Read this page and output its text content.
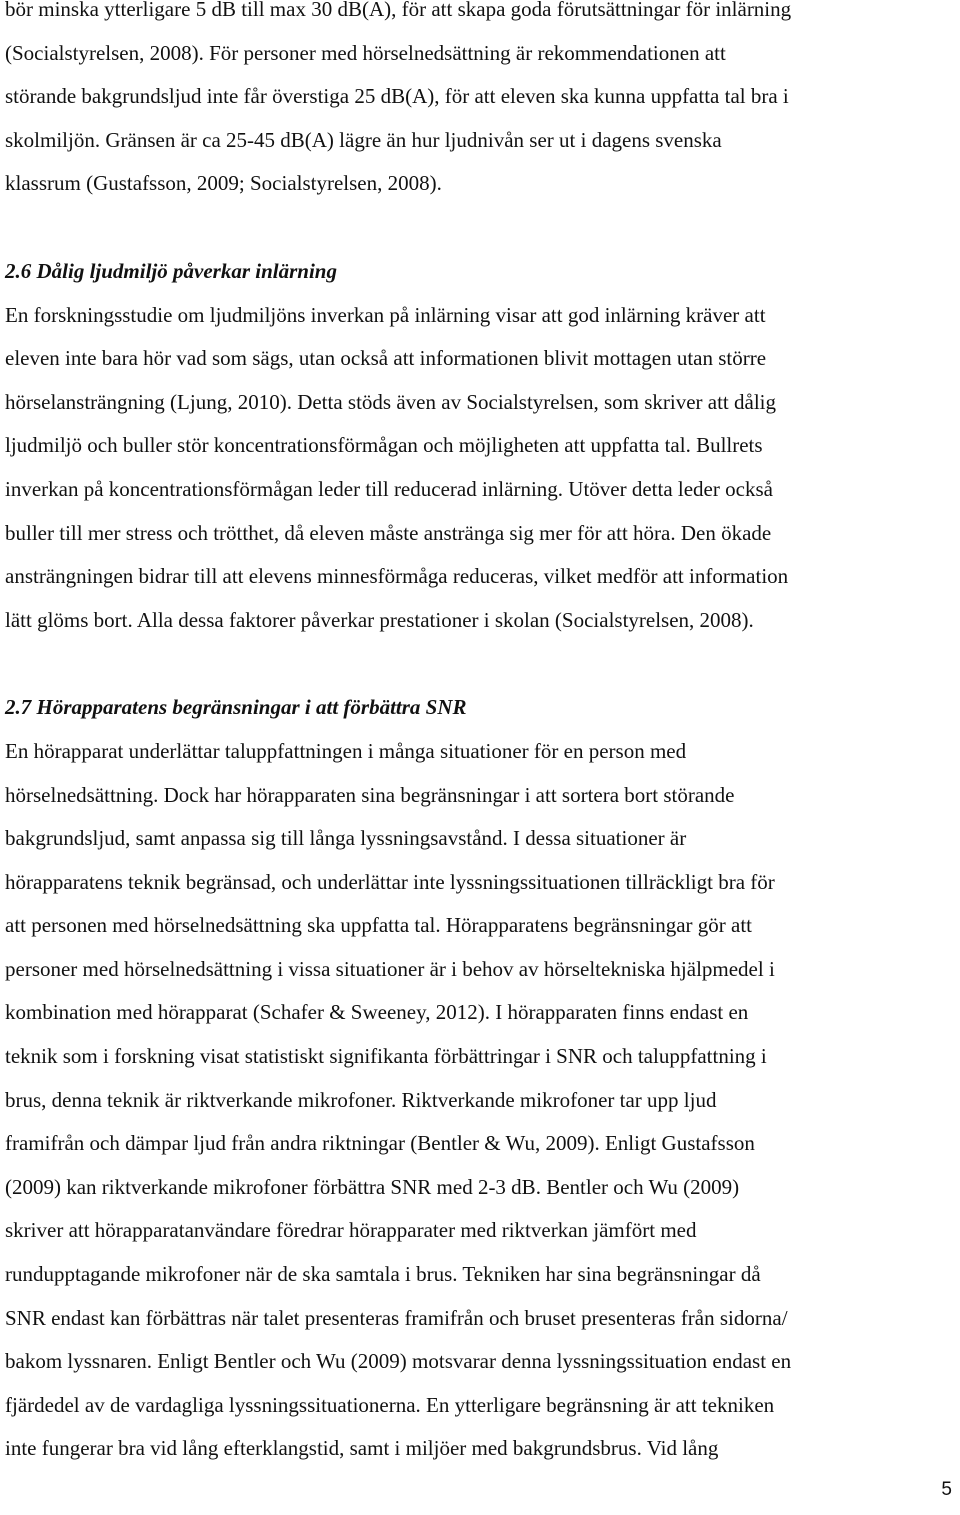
bör minska ytterligare 5 dB till max 30 dB(A), för att skapa goda förutsättningar för inlärning
(Socialstyrelsen, 2008). För personer med hörselnedsättning är rekommendationen att
störande bakgrundsljud inte får överstiga 25 dB(A), för att eleven ska kunna uppfatta tal bra i
skolmiljön. Gränsen är ca 25-45 dB(A) lägre än hur ljudnivån ser ut i dagens svenska
klassrum (Gustafsson, 2009; Socialstyrelsen, 2008).

2.6 Dålig ljudmiljö påverkar inlärning

En forskningsstudie om ljudmiljöns inverkan på inlärning visar att god inlärning kräver att
eleven inte bara hör vad som sägs, utan också att informationen blivit mottagen utan större
hörselansträngning (Ljung, 2010). Detta stöds även av Socialstyrelsen, som skriver att dålig
ljudmiljö och buller stör koncentrationsförmågan och möjligheten att uppfatta tal. Bullrets
inverkan på koncentrationsförmågan leder till reducerad inlärning. Utöver detta leder också
buller till mer stress och trötthet, då eleven måste anstränga sig mer för att höra. Den ökade
ansträngningen bidrar till att elevens minnesförmåga reduceras, vilket medför att information
lätt glöms bort. Alla dessa faktorer påverkar prestationer i skolan (Socialstyrelsen, 2008).

2.7 Hörapparatens begränsningar i att förbättra SNR

En hörapparat underlättar taluppfattningen i många situationer för en person med
hörselnedsättning. Dock har hörapparaten sina begränsningar i att sortera bort störande
bakgrundsljud, samt anpassa sig till långa lyssningsavstånd. I dessa situationer är
hörapparatens teknik begränsad, och underlättar inte lyssningssituationen tillräckligt bra för
att personen med hörselnedsättning ska uppfatta tal. Hörapparatens begränsningar gör att
personer med hörselnedsättning i vissa situationer är i behov av hörseltekniska hjälpmedel i
kombination med hörapparat (Schafer & Sweeney, 2012). I hörapparaten finns endast en
teknik som i forskning visat statistiskt signifikanta förbättringar i SNR och taluppfattning i
brus, denna teknik är riktverkande mikrofoner. Riktverkande mikrofoner tar upp ljud
framifrån och dämpar ljud från andra riktningar (Bentler & Wu, 2009). Enligt Gustafsson
(2009) kan riktverkande mikrofoner förbättra SNR med 2-3 dB. Bentler och Wu (2009)
skriver att hörapparatanvändare föredrar hörapparater med riktverkan jämfört med
rundupptagande mikrofoner när de ska samtala i brus. Tekniken har sina begränsningar då
SNR endast kan förbättras när talet presenteras framifrån och bruset presenteras från sidorna/
bakom lyssnaren. Enligt Bentler och Wu (2009) motsvarar denna lyssningssituation endast en
fjärdedel av de vardagliga lyssningssituationerna. En ytterligare begränsning är att tekniken
inte fungerar bra vid lång efterklangstid, samt i miljöer med bakgrundsbrus. Vid lång

5
